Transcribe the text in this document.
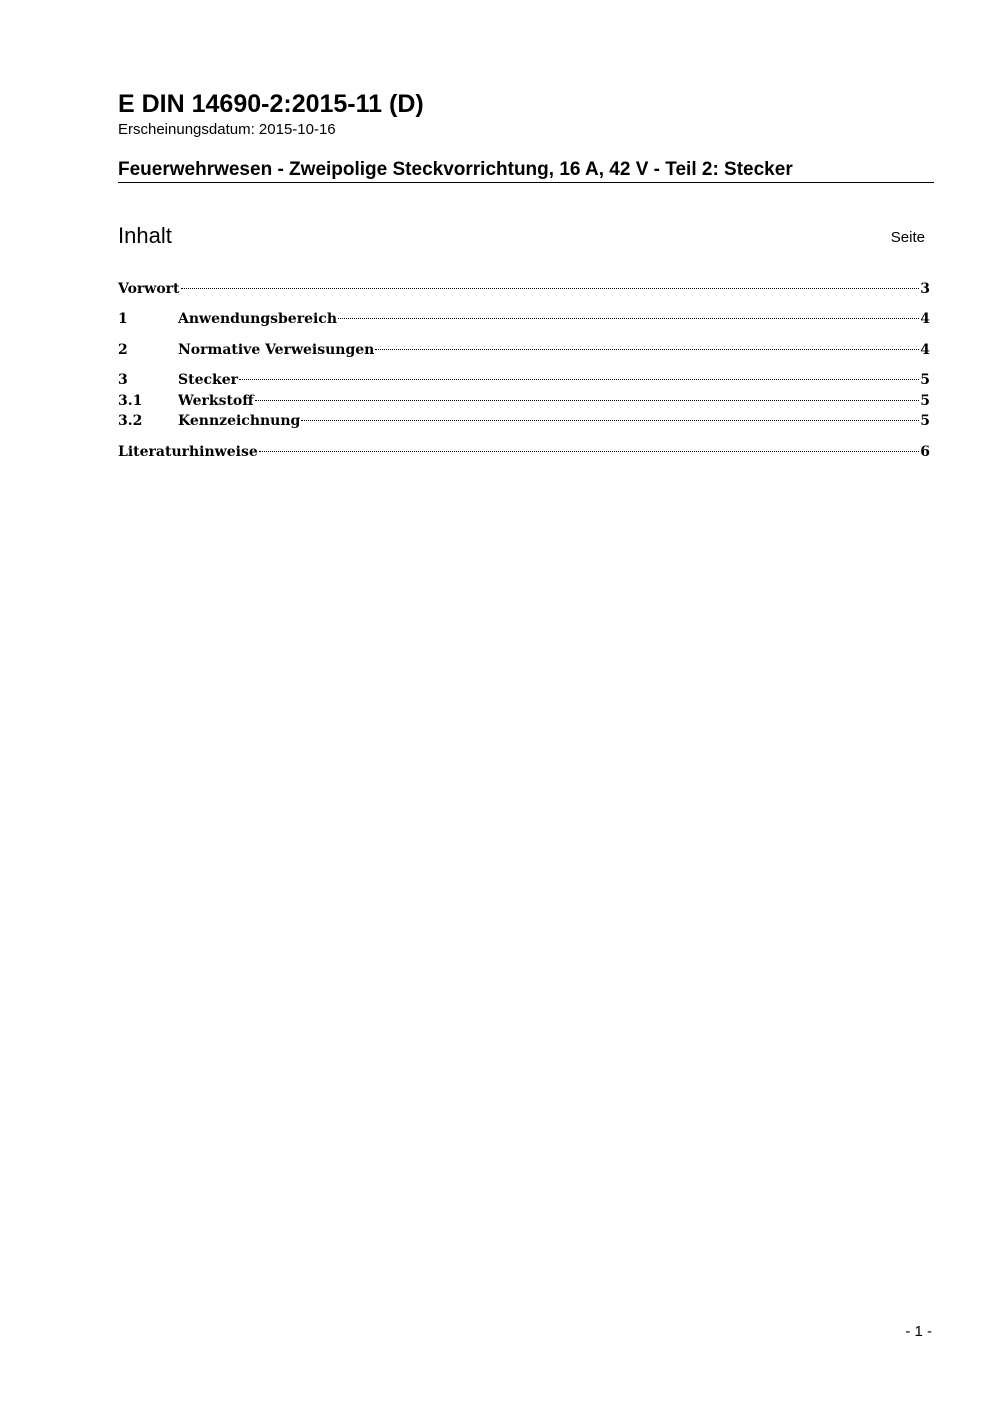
E DIN 14690-2:2015-11 (D)
Erscheinungsdatum: 2015-10-16
Feuerwehrwesen - Zweipolige Steckvorrichtung, 16 A, 42 V - Teil 2: Stecker
Inhalt	Seite
Vorwort	3
1	Anwendungsbereich	4
2	Normative Verweisungen	4
3	Stecker	5
3.1	Werkstoff	5
3.2	Kennzeichnung	5
Literaturhinweise	6
- 1 -
